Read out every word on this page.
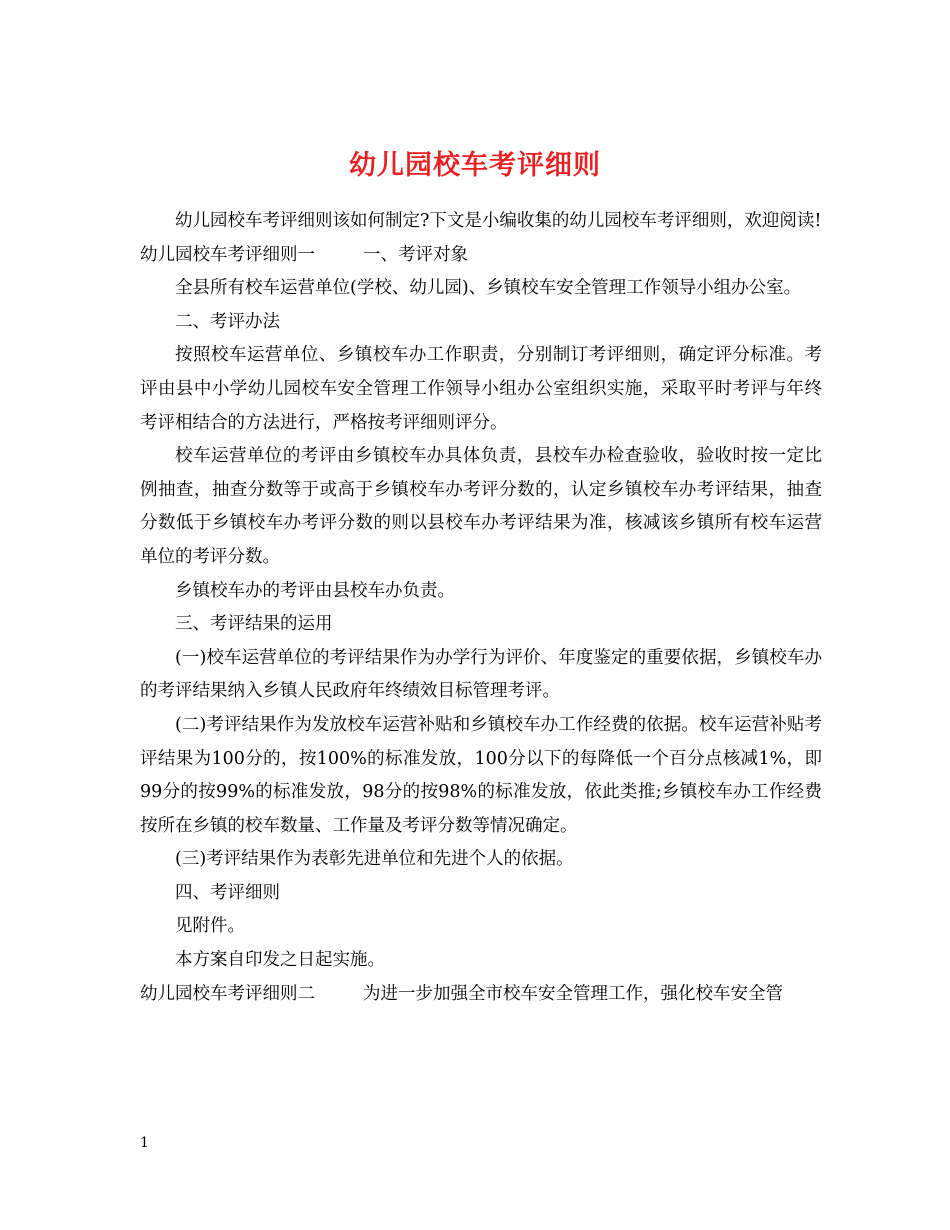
幼儿园校车考评细则

幼儿园校车考评细则该如何制定?下文是小编收集的幼儿园校车考评细则，欢迎阅读!

幼儿园校车考评细则一	一、考评对象

全县所有校车运营单位(学校、幼儿园)、乡镇校车安全管理工作领导小组办公室。

二、考评办法

按照校车运营单位、乡镇校车办工作职责，分别制订考评细则，确定评分标准。考评由县中小学幼儿园校车安全管理工作领导小组办公室组织实施，采取平时考评与年终考评相结合的方法进行，严格按考评细则评分。

校车运营单位的考评由乡镇校车办具体负责，县校车办检查验收，验收时按一定比例抽查，抽查分数等于或高于乡镇校车办考评分数的，认定乡镇校车办考评结果，抽查分数低于乡镇校车办考评分数的则以县校车办考评结果为准，核减该乡镇所有校车运营单位的考评分数。

乡镇校车办的考评由县校车办负责。

三、考评结果的运用

(一)校车运营单位的考评结果作为办学行为评价、年度鉴定的重要依据，乡镇校车办的考评结果纳入乡镇人民政府年终绩效目标管理考评。

(二)考评结果作为发放校车运营补贴和乡镇校车办工作经费的依据。校车运营补贴考评结果为100分的，按100%的标准发放，100分以下的每降低一个百分点核减1%，即99分的按99%的标准发放，98分的按98%的标准发放，依此类推;乡镇校车办工作经费按所在乡镇的校车数量、工作量及考评分数等情况确定。

(三)考评结果作为表彰先进单位和先进个人的依据。

四、考评细则

见附件。

本方案自印发之日起实施。

幼儿园校车考评细则二	为进一步加强全市校车安全管理工作，强化校车安全管

1
